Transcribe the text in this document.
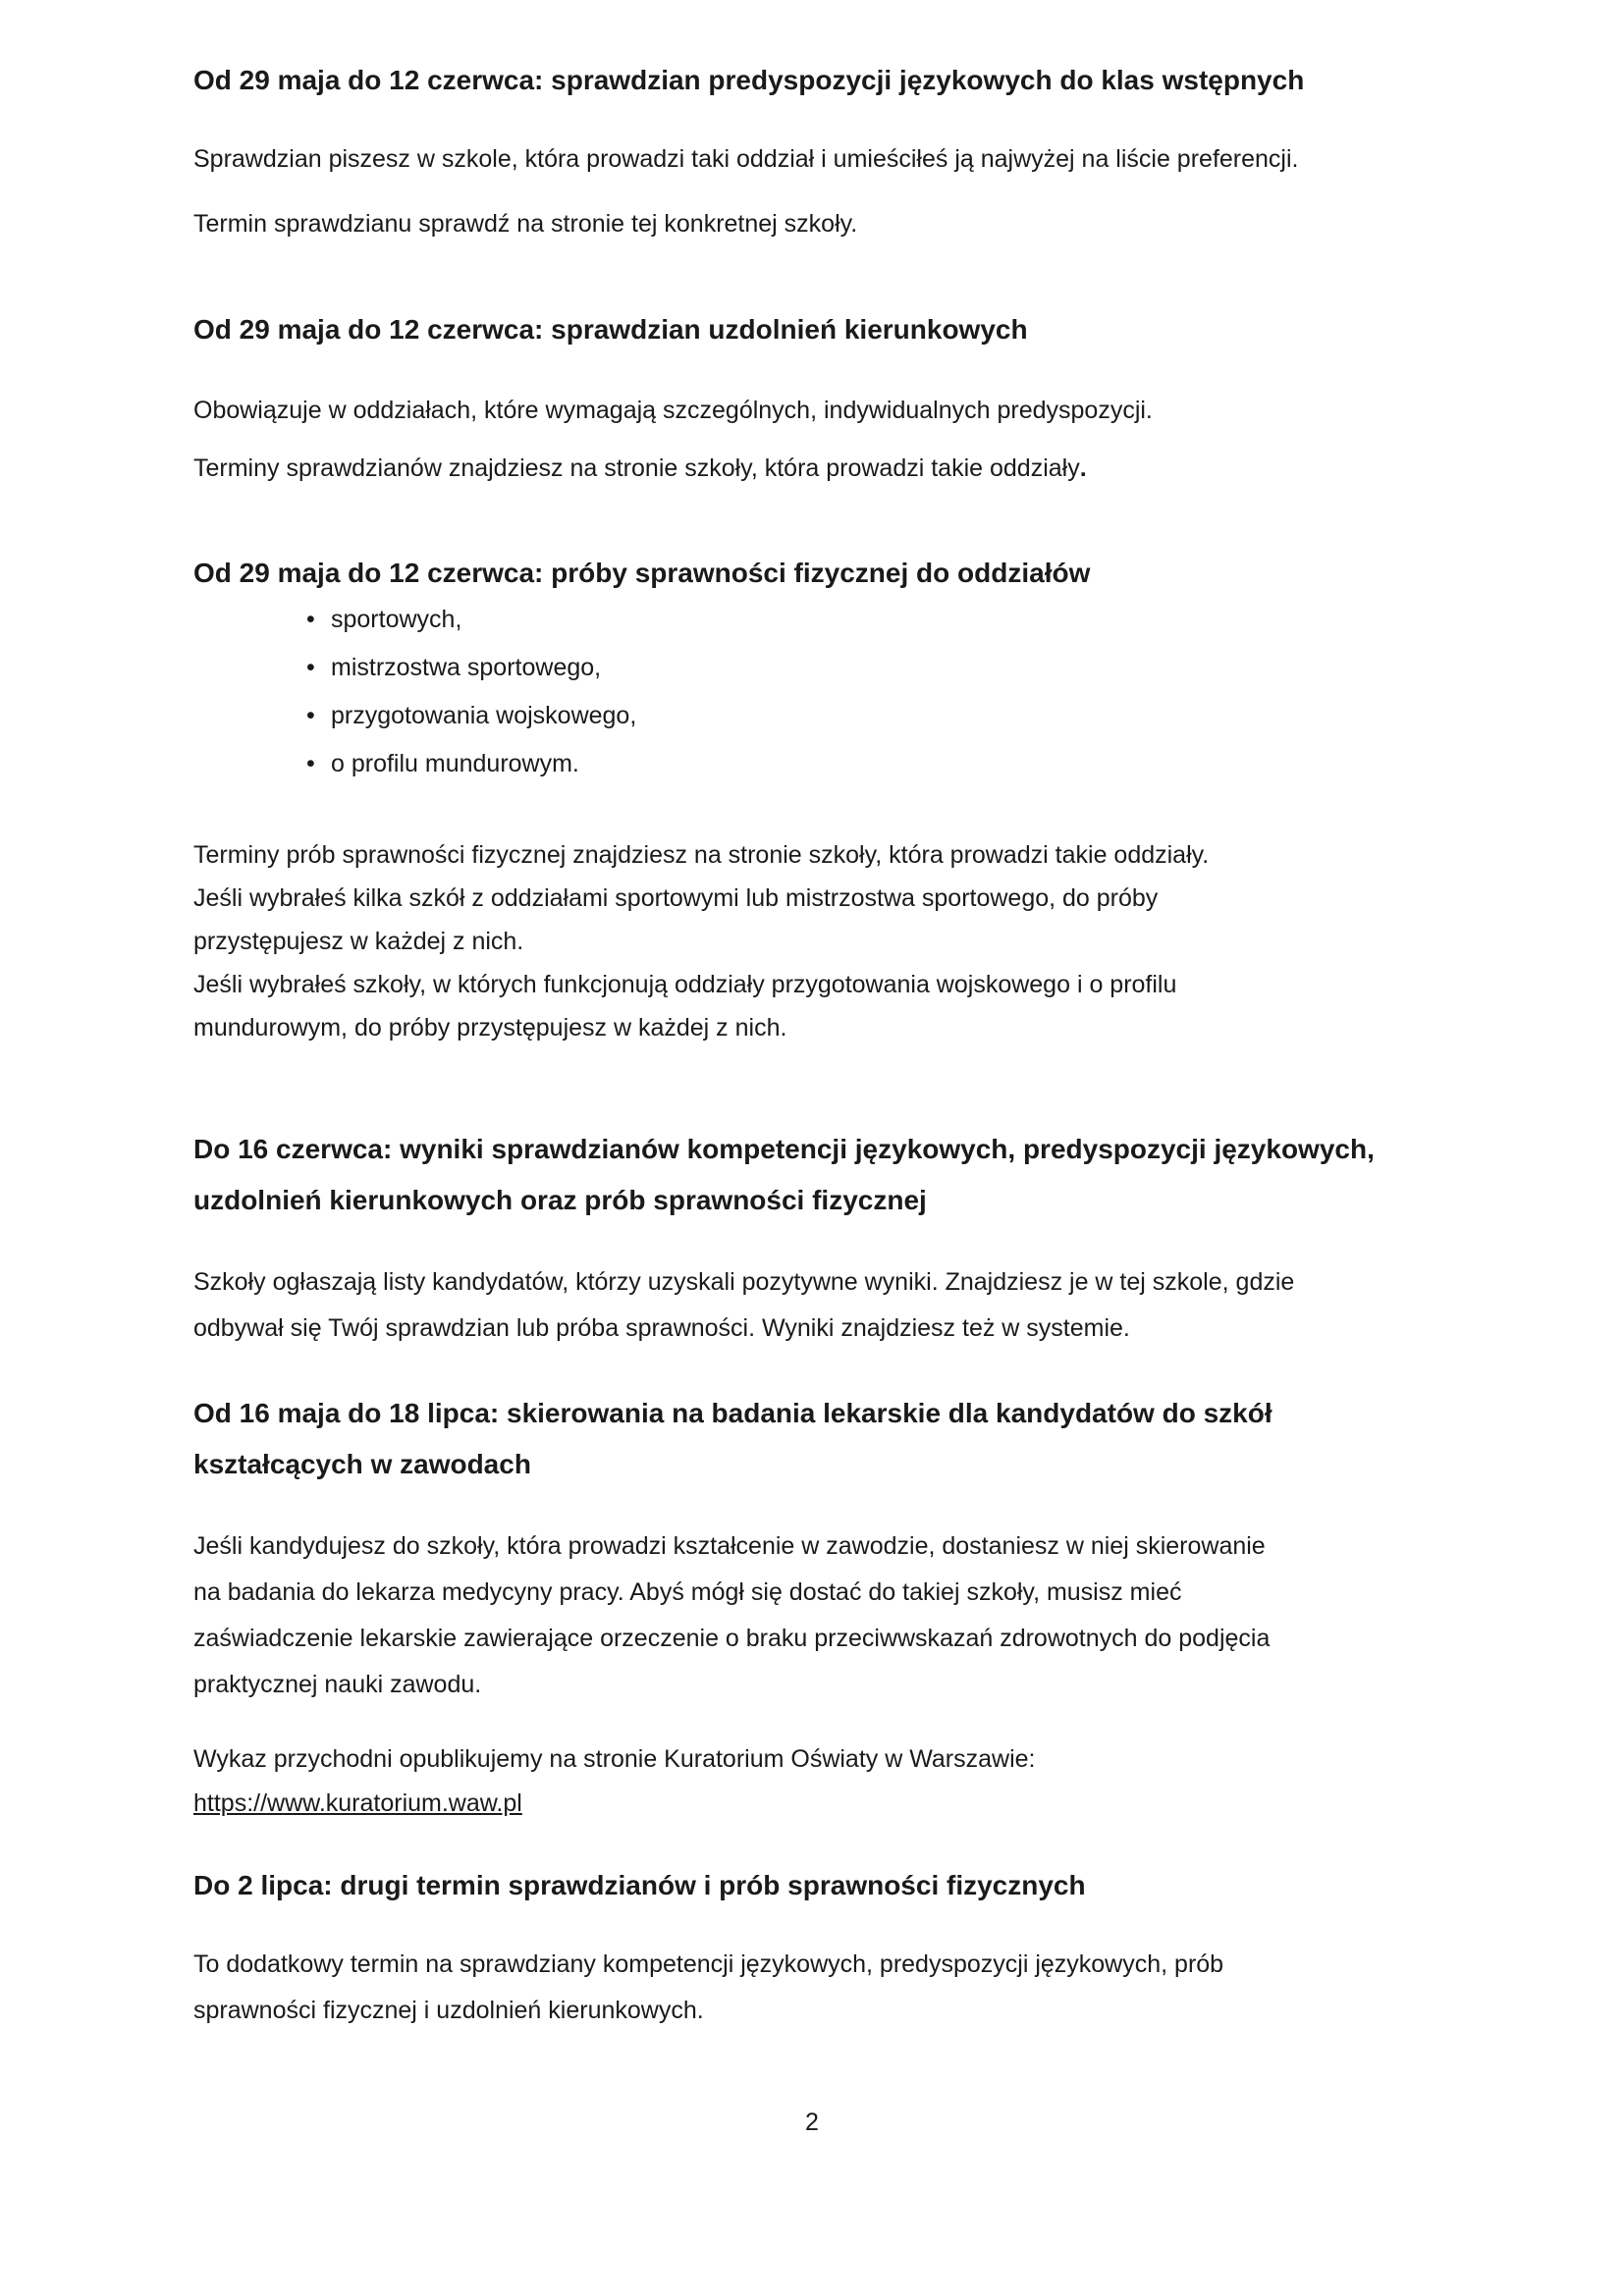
Od 29 maja do 12 czerwca: sprawdzian predyspozycji językowych do klas wstępnych

Sprawdzian piszesz w szkole, która prowadzi taki oddział i umieściłeś ją najwyżej na liście preferencji.

Termin sprawdzianu sprawdź na stronie tej konkretnej szkoły.

Od 29 maja do 12 czerwca: sprawdzian uzdolnień kierunkowych

Obowiązuje w oddziałach, które wymagają szczególnych, indywidualnych predyspozycji.

Terminy sprawdzianów znajdziesz na stronie szkoły, która prowadzi takie oddziały.

Od 29 maja do 12 czerwca: próby sprawności fizycznej do oddziałów
• sportowych,
• mistrzostwa sportowego,
• przygotowania wojskowego,
• o profilu mundurowym.

Terminy prób sprawności fizycznej znajdziesz na stronie szkoły, która prowadzi takie oddziały.

Jeśli wybrałeś kilka szkół z oddziałami sportowymi lub mistrzostwa sportowego, do próby

przystępujesz w każdej z nich.

Jeśli wybrałeś szkoły, w których funkcjonują oddziały przygotowania wojskowego i o profilu

mundurowym, do próby przystępujesz w każdej z nich.

Do 16 czerwca: wyniki sprawdzianów kompetencji językowych, predyspozycji językowych,
uzdolnień kierunkowych oraz prób sprawności fizycznej

Szkoły ogłaszają listy kandydatów, którzy uzyskali pozytywne wyniki. Znajdziesz je w tej szkole, gdzie

odbywał się Twój sprawdzian lub próba sprawności. Wyniki znajdziesz też w systemie.

Od 16 maja do 18 lipca: skierowania na badania lekarskie dla kandydatów do szkół
kształcących w zawodach

Jeśli kandydujesz do szkoły, która prowadzi kształcenie w zawodzie, dostaniesz w niej skierowanie

na badania do lekarza medycyny pracy. Abyś mógł się dostać do takiej szkoły, musisz mieć

zaświadczenie lekarskie zawierające orzeczenie o braku przeciwwskazań zdrowotnych do podjęcia

praktycznej nauki zawodu.

Wykaz przychodni opublikujemy na stronie Kuratorium Oświaty w Warszawie:

https://www.kuratorium.waw.pl

Do 2 lipca: drugi termin sprawdzianów i prób sprawności fizycznych

To dodatkowy termin na sprawdziany kompetencji językowych, predyspozycji językowych, prób

sprawności fizycznej i uzdolnień kierunkowych.

2
